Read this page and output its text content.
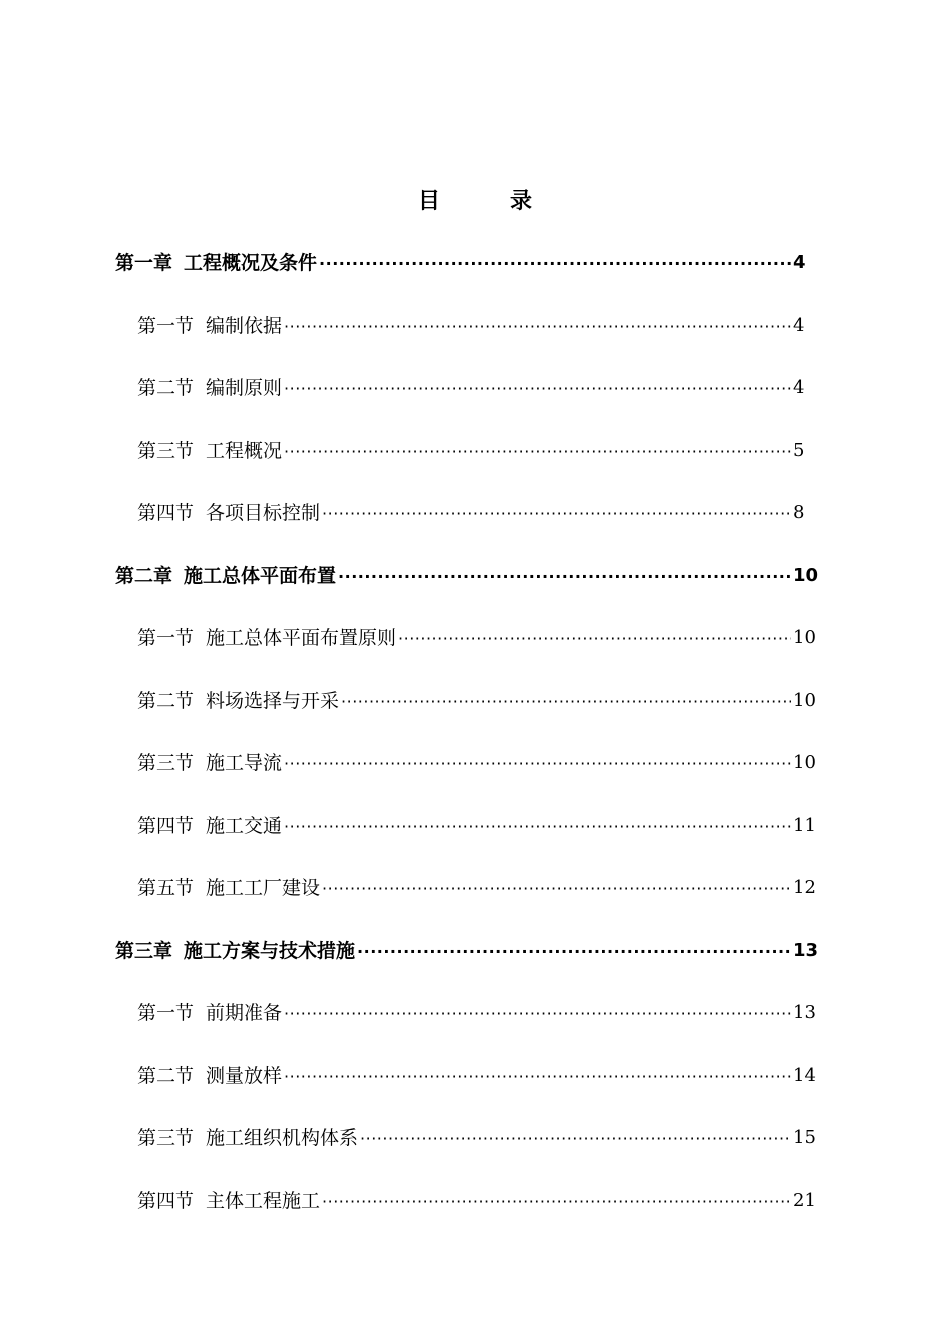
目　录
第一章 工程概况及条件 ·····	4
第一节 编制依据 ·····	4
第二节 编制原则 ·····	4
第三节 工程概况 ·····	5
第四节 各项目标控制 ·····	8
第二章 施工总体平面布置 ·····	10
第一节 施工总体平面布置原则 ·····	10
第二节 料场选择与开采 ·····	10
第三节 施工导流 ·····	10
第四节 施工交通 ·····	11
第五节 施工工厂建设 ·····	12
第三章 施工方案与技术措施 ·····	13
第一节 前期准备 ·····	13
第二节 测量放样 ·····	14
第三节 施工组织机构体系 ·····	15
第四节 主体工程施工 ·····	21
